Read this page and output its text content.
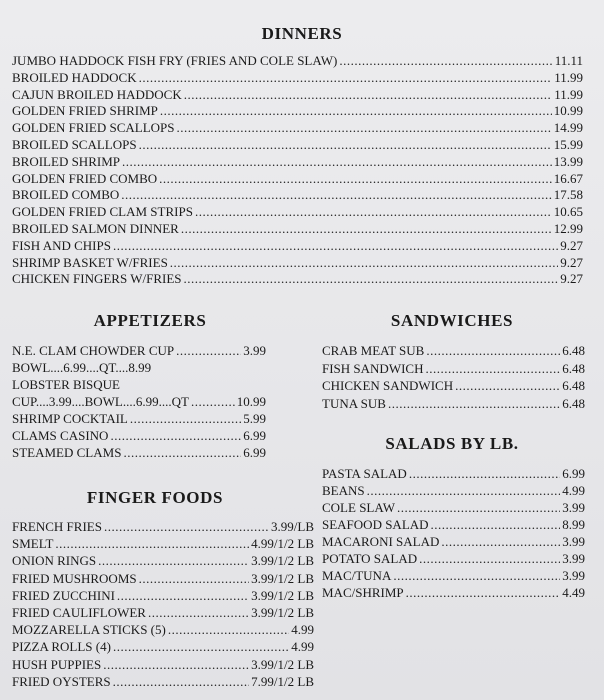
DINNERS
JUMBO HADDOCK FISH FRY (FRIES AND COLE SLAW) .....	11.11
BROILED HADDOCK .....	11.99
CAJUN BROILED HADDOCK .....	11.99
GOLDEN FRIED SHRIMP .....	10.99
GOLDEN FRIED SCALLOPS .....	14.99
BROILED SCALLOPS .....	15.99
BROILED SHRIMP .....	13.99
GOLDEN FRIED COMBO .....	16.67
BROILED COMBO .....	17.58
GOLDEN FRIED CLAM STRIPS .....	10.65
BROILED SALMON DINNER .....	12.99
FISH AND CHIPS .....	9.27
SHRIMP BASKET W/FRIES .....	9.27
CHICKEN FINGERS W/FRIES .....	9.27
APPETIZERS
N.E. CLAM CHOWDER CUP .....	3.99
BOWL....6.99....QT....8.99
LOBSTER BISQUE
CUP....3.99....BOWL....6.99....QT .....	10.99
SHRIMP COCKTAIL .....	5.99
CLAMS CASINO .....	6.99
STEAMED CLAMS .....	6.99
SANDWICHES
CRAB MEAT SUB .....	6.48
FISH SANDWICH .....	6.48
CHICKEN SANDWICH .....	6.48
TUNA SUB .....	6.48
SALADS BY LB.
PASTA SALAD .....	6.99
BEANS .....	4.99
COLE SLAW .....	3.99
SEAFOOD SALAD .....	8.99
MACARONI SALAD .....	3.99
POTATO SALAD .....	3.99
MAC/TUNA .....	3.99
MAC/SHRIMP .....	4.49
FINGER FOODS
FRENCH FRIES .....	3.99/LB
SMELT .....	4.99/1/2 LB
ONION RINGS .....	3.99/1/2 LB
FRIED MUSHROOMS .....	3.99/1/2 LB
FRIED ZUCCHINI .....	3.99/1/2 LB
FRIED CAULIFLOWER .....	3.99/1/2 LB
MOZZARELLA STICKS (5) .....	4.99
PIZZA ROLLS (4) .....	4.99
HUSH PUPPIES .....	3.99/1/2 LB
FRIED OYSTERS .....	7.99/1/2 LB
